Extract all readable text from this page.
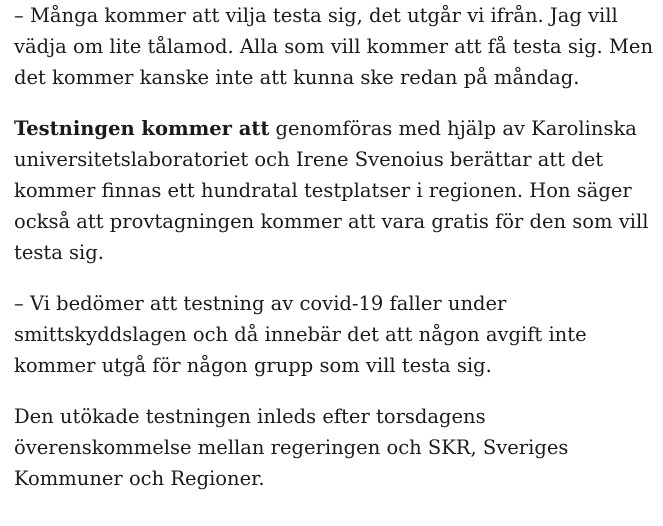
– Många kommer att vilja testa sig, det utgår vi ifrån. Jag vill vädja om lite tålamod. Alla som vill kommer att få testa sig. Men det kommer kanske inte att kunna ske redan på måndag.

Testningen kommer att genomföras med hjälp av Karolinska universitetslaboratoriet och Irene Svenoius berättar att det kommer finnas ett hundratal testplatser i regionen. Hon säger också att provtagningen kommer att vara gratis för den som vill testa sig.

– Vi bedömer att testning av covid-19 faller under smittskyddslagen och då innebär det att någon avgift inte kommer utgå för någon grupp som vill testa sig.

Den utökade testningen inleds efter torsdagens överenskommelse mellan regeringen och SKR, Sveriges Kommuner och Regioner.
